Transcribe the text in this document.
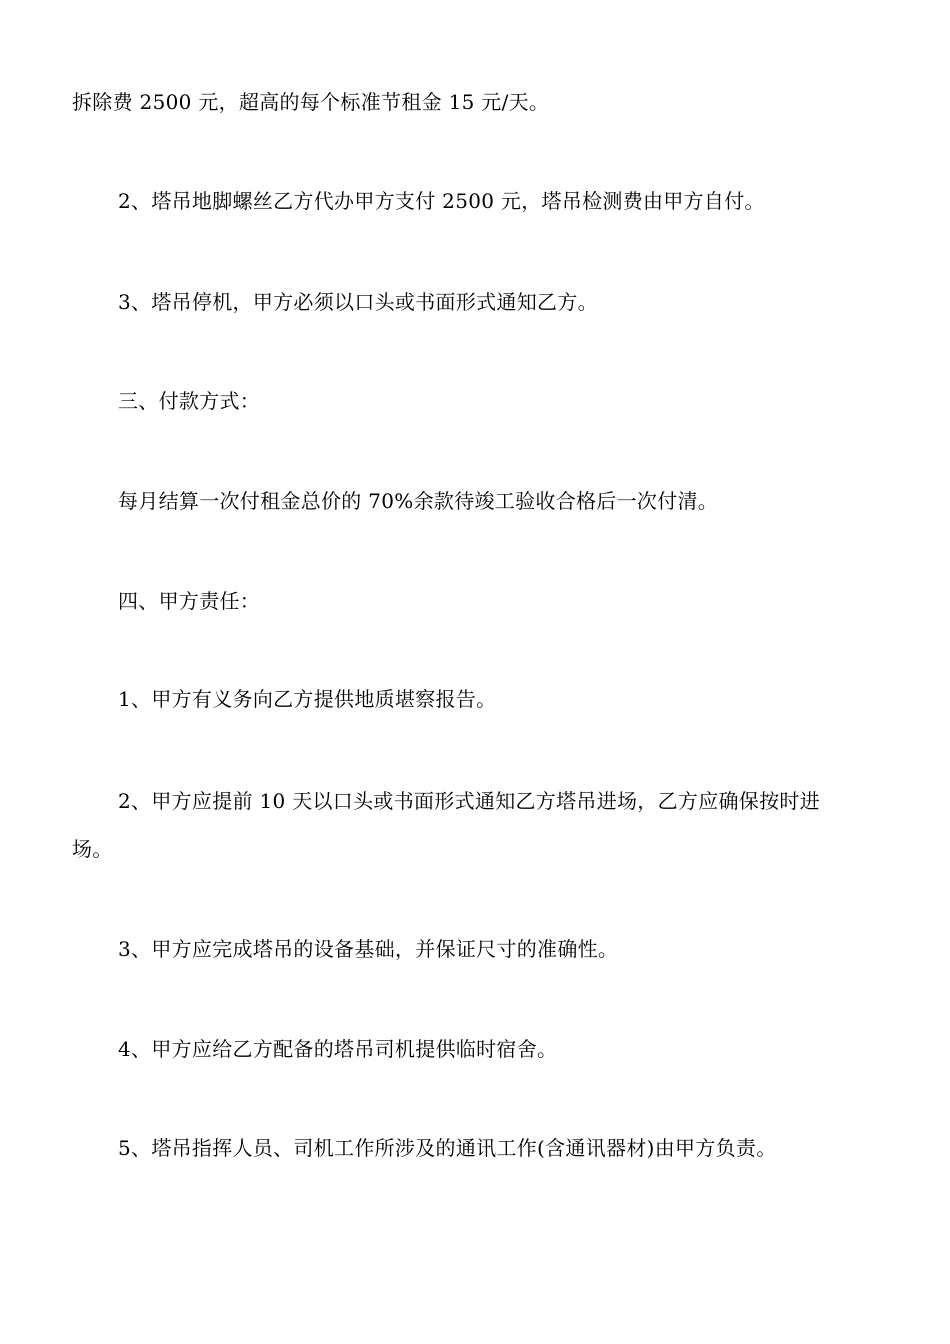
拆除费 2500 元，超高的每个标准节租金 15 元/天。
2、塔吊地脚螺丝乙方代办甲方支付 2500 元，塔吊检测费由甲方自付。
3、塔吊停机，甲方必须以口头或书面形式通知乙方。
三、付款方式：
每月结算一次付租金总价的 70%余款待竣工验收合格后一次付清。
四、甲方责任：
1、甲方有义务向乙方提供地质堪察报告。
2、甲方应提前 10 天以口头或书面形式通知乙方塔吊进场，乙方应确保按时进
场。
3、甲方应完成塔吊的设备基础，并保证尺寸的准确性。
4、甲方应给乙方配备的塔吊司机提供临时宿舍。
5、塔吊指挥人员、司机工作所涉及的通讯工作(含通讯器材)由甲方负责。
